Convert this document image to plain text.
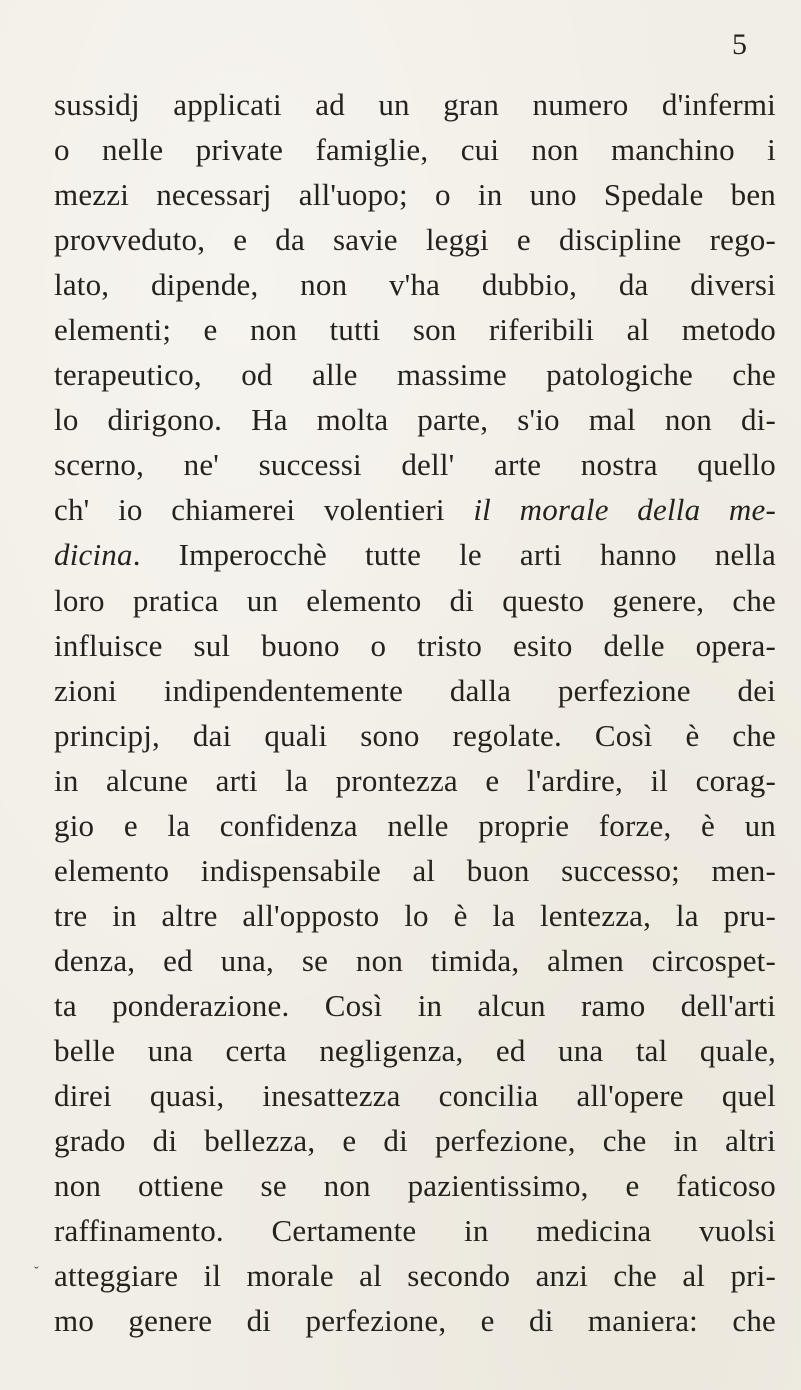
5
sussidj applicati ad un gran numero d'infermi
o nelle private famiglie, cui non manchino i
mezzi necessarj all'uopo; o in uno Spedale ben
provveduto, e da savie leggi e discipline rego-
lato, dipende, non v'ha dubbio, da diversi
elementi; e non tutti son riferibili al metodo
terapeutico, od alle massime patologiche che
lo dirigono. Ha molta parte, s'io mal non di-
scerno, ne' successi dell' arte nostra quello
ch' io chiamerei volentieri il morale della me-
dicina. Imperocchè tutte le arti hanno nella
loro pratica un elemento di questo genere, che
influisce sul buono o tristo esito delle opera-
zioni indipendentemente dalla perfezione dei
principj, dai quali sono regolate. Così è che
in alcune arti la prontezza e l'ardire, il corag-
gio e la confidenza nelle proprie forze, è un
elemento indispensabile al buon successo; men-
tre in altre all'opposto lo è la lentezza, la pru-
denza, ed una, se non timida, almen circospet-
ta ponderazione. Così in alcun ramo dell'arti
belle una certa negligenza, ed una tal quale,
direi quasi, inesattezza concilia all'opere quel
grado di bellezza, e di perfezione, che in altri
non ottiene se non pazientissimo, e faticoso
raffinamento. Certamente in medicina vuolsi
atteggiare il morale al secondo anzi che al pri-
mo genere di perfezione, e di maniera: che
ˇ
